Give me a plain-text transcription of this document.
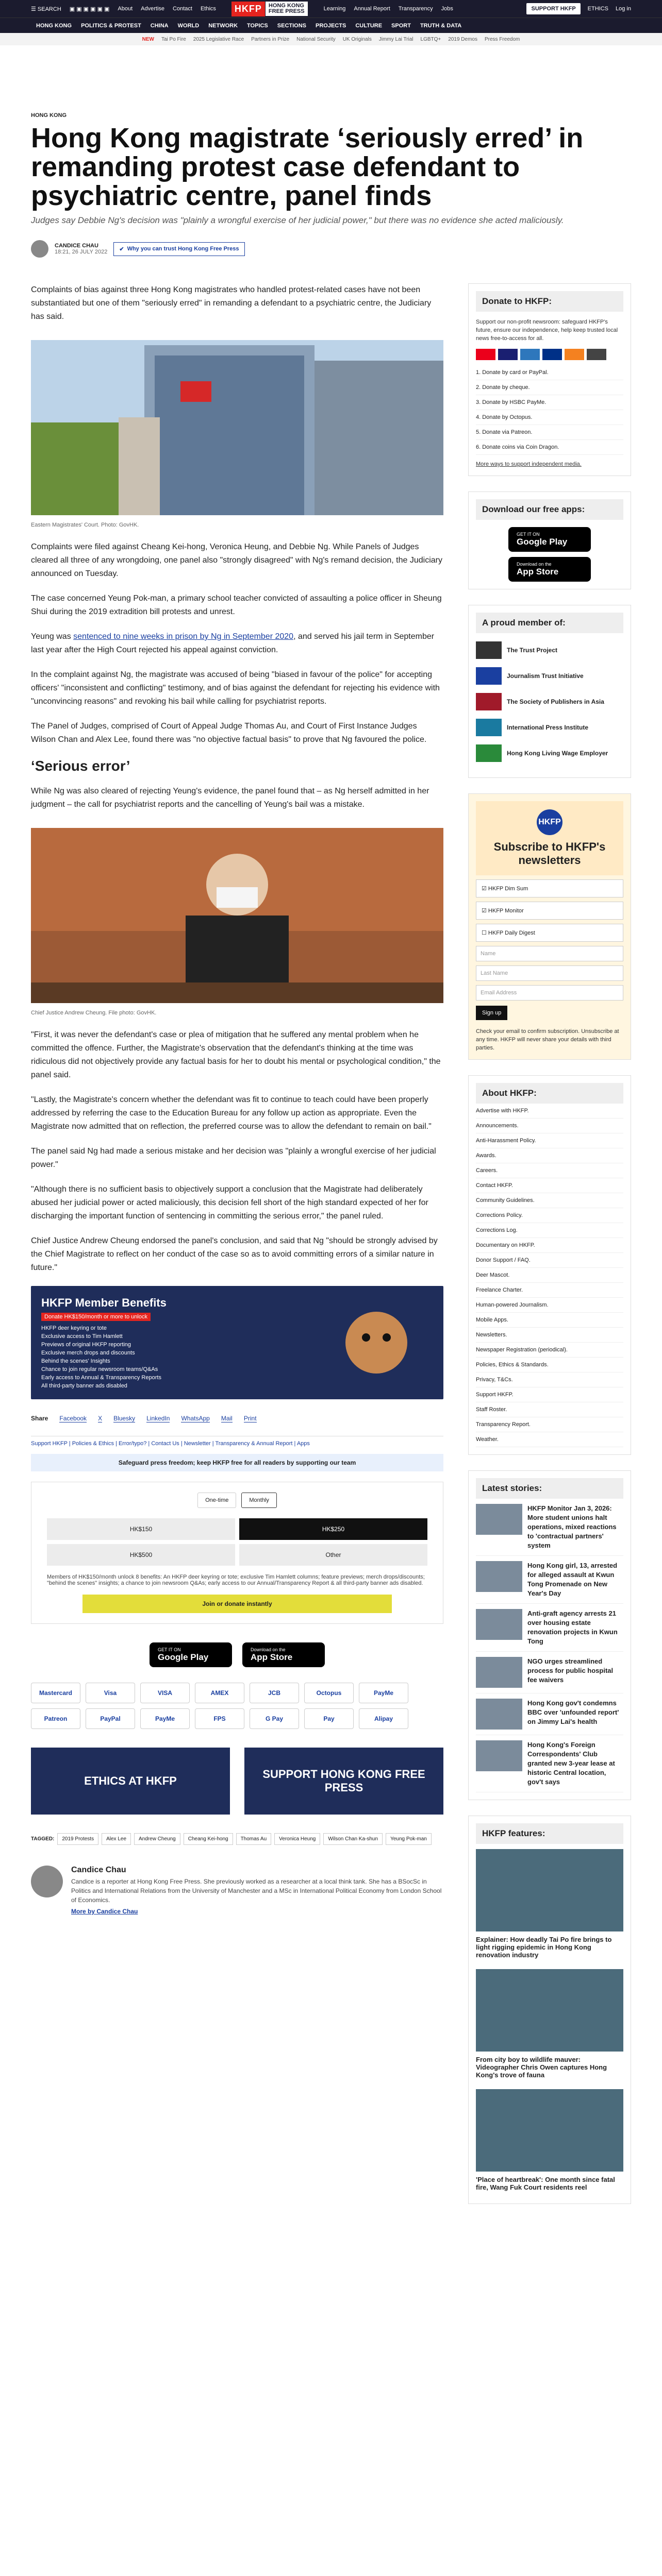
☰ SEARCH ▣ ▣ ▣ ▣ ▣ ▣ About Advertise Contact Ethics	HKFP	HONG KONG
FREE PRESS	Learning Annual Report Transparency Jobs	SUPPORT HKFP	ETHICS Log in
HONG KONG POLITICS & PROTEST CHINA WORLD NETWORK TOPICS SECTIONS PROJECTS CULTURE SPORT TRUTH & DATA
NEW Tai Po Fire 2025 Legislative Race Partners in Prize National Security UK Originals Jimmy Lai Trial LGBTQ+ 2019 Demos Press Freedom
HONG KONG
Hong Kong magistrate ‘seriously erred’ in remanding protest case defendant to psychiatric centre, panel finds
Judges say Debbie Ng's decision was "plainly a wrongful exercise of her judicial power," but there was no evidence she acted maliciously.
CANDICE CHAU
18:21, 26 JULY 2022 ✔ Why you can trust Hong Kong Free Press

Complaints of bias against three Hong Kong magistrates who handled protest-related cases have not been substantiated but one of them "seriously erred" in remanding a defendant to a psychiatric centre, the Judiciary has said.

Eastern Magistrates' Court. Photo: GovHK.

Complaints were filed against Cheang Kei-hong, Veronica Heung, and Debbie Ng. While Panels of Judges cleared all three of any wrongdoing, one panel also "strongly disagreed" with Ng's remand decision, the Judiciary announced on Tuesday.

The case concerned Yeung Pok-man, a primary school teacher convicted of assaulting a police officer in Sheung Shui during the 2019 extradition bill protests and unrest.

Yeung was sentenced to nine weeks in prison by Ng in September 2020, and served his jail term in September last year after the High Court rejected his appeal against conviction.

In the complaint against Ng, the magistrate was accused of being "biased in favour of the police" for accepting officers' "inconsistent and conflicting" testimony, and of bias against the defendant for rejecting his evidence with "unconvincing reasons" and revoking his bail while calling for psychiatrist reports.

The Panel of Judges, comprised of Court of Appeal Judge Thomas Au, and Court of First Instance Judges Wilson Chan and Alex Lee, found there was "no objective factual basis" to prove that Ng favoured the police.

‘Serious error’

While Ng was also cleared of rejecting Yeung's evidence, the panel found that – as Ng herself admitted in her judgment – the call for psychiatrist reports and the cancelling of Yeung's bail was a mistake.

Chief Justice Andrew Cheung. File photo: GovHK.

"First, it was never the defendant's case or plea of mitigation that he suffered any mental problem when he committed the offence. Further, the Magistrate's observation that the defendant's thinking at the time was ridiculous did not objectively provide any factual basis for her to doubt his mental or psychological condition," the panel said.

"Lastly, the Magistrate's concern whether the defendant was fit to continue to teach could have been properly addressed by referring the case to the Education Bureau for any follow up action as appropriate. Even the Magistrate now admitted that on reflection, the preferred course was to allow the defendant to remain on bail."

The panel said Ng had made a serious mistake and her decision was "plainly a wrongful exercise of her judicial power."

"Although there is no sufficient basis to objectively support a conclusion that the Magistrate had deliberately abused her judicial power or acted maliciously, this decision fell short of the high standard expected of her for discharging the important function of sentencing in committing the serious error," the panel ruled.

Chief Justice Andrew Cheung endorsed the panel's conclusion, and said that Ng "should be strongly advised by the Chief Magistrate to reflect on her conduct of the case so as to avoid committing errors of a similar nature in future."

HKFP Member Benefits
Donate HK$150/month or more to unlock
HKFP deer keyring or tote
Exclusive access to Tim Hamlett
Previews of original HKFP reporting
Exclusive merch drops and discounts
Behind the scenes' Insights
Chance to join regular newsroom teams/Q&As
Early access to Annual & Transparency Reports
All third-party banner ads disabled
Share Facebook X Bluesky LinkedIn WhatsApp Mail Print
Support HKFP | Policies & Ethics | Error/typo? | Contact Us | Newsletter | Transparency & Annual Report | Apps
Safeguard press freedom; keep HKFP free for all readers by supporting our team
One-time	Monthly
HK$150	HK$250
HK$500	Other
Members of HK$150/month unlock 8 benefits: An HKFP deer keyring or tote; exclusive Tim Hamlett columns; feature previews; merch drops/discounts; "behind the scenes" insights; a chance to join newsroom Q&As; early access to our Annual/Transparency Report & all third-party banner ads disabled.
Join or donate instantly
GET IT ON
Google Play
Download on the
App Store
Mastercard	Visa	VISA	AMEX	JCB	Octopus	PayMe
Patreon	PayPal	PayMe	FPS	G Pay	Pay	Alipay
ETHICS AT HKFP
SUPPORT HONG KONG FREE PRESS
TAGGED:	2019 Protests	Alex Lee	Andrew Cheung	Cheang Kei-hong	Thomas Au	Veronica Heung	Wilson Chan Ka-shun	Yeung Pok-man
Candice Chau

Candice is a reporter at Hong Kong Free Press. She previously worked as a researcher at a local think tank. She has a BSocSc in Politics and International Relations from the University of Manchester and a MSc in International Political Economy from London School of Economics.

More by Candice Chau
Donate to HKFP:
Support our non-profit newsroom: safeguard HKFP's future, ensure our independence, help keep trusted local news free-to-access for all.
1. Donate by card or PayPal.
2. Donate by cheque.
3. Donate by HSBC PayMe.
4. Donate by Octopus.
5. Donate via Patreon.
6. Donate coins via Coin Dragon.
More ways to support independent media.
Download our free apps:
GET IT ON
Google Play
Download on the
App Store
A proud member of:
The Trust Project
Journalism Trust Initiative
The Society of Publishers in Asia
International Press Institute
Hong Kong Living Wage Employer
HKFP
Subscribe to HKFP's newsletters
☑ HKFP Dim Sum
☑ HKFP Monitor
☐ HKFP Daily Digest
Name
Last Name
Email Address
Sign up
Check your email to confirm subscription. Unsubscribe at any time. HKFP will never share your details with third parties.
About HKFP:
Advertise with HKFP.
Announcements.
Anti-Harassment Policy.
Awards.
Careers.
Contact HKFP.
Community Guidelines.
Corrections Policy.
Corrections Log.
Documentary on HKFP.
Donor Support / FAQ.
Deer Mascot.
Freelance Charter.
Human-powered Journalism.
Mobile Apps.
Newsletters.
Newspaper Registration (periodical).
Policies, Ethics & Standards.
Privacy, T&Cs.
Support HKFP.
Staff Roster.
Transparency Report.
Weather.
Latest stories:
HKFP Monitor Jan 3, 2026: More student unions halt operations, mixed reactions to 'contractual partners' system
Hong Kong girl, 13, arrested for alleged assault at Kwun Tong Promenade on New Year's Day
Anti-graft agency arrests 21 over housing estate renovation projects in Kwun Tong
NGO urges streamlined process for public hospital fee waivers
Hong Kong gov't condemns BBC over 'unfounded report' on Jimmy Lai's health
Hong Kong's Foreign Correspondents' Club granted new 3-year lease at historic Central location, gov't says
HKFP features:
Explainer: How deadly Tai Po fire brings to light rigging epidemic in Hong Kong renovation industry
From city boy to wildlife mauver: Videographer Chris Owen captures Hong Kong's trove of fauna
'Place of heartbreak': One month since fatal fire, Wang Fuk Court residents reel
